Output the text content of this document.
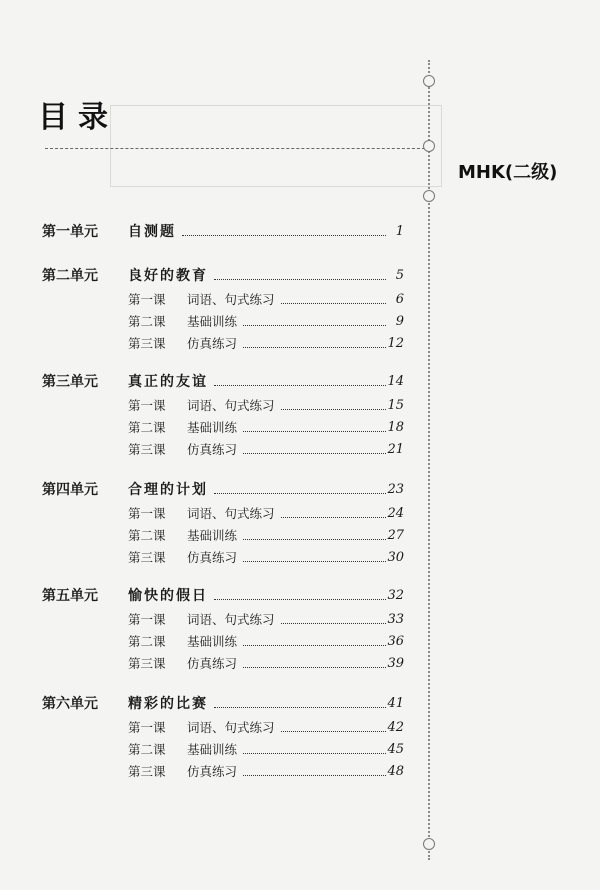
目录
MHK(二级)
第一单元 自测题	1
第二单元 良好的教育	5
第一课 词语、句式练习	6
第二课 基础训练	9
第三课 仿真练习	12
第三单元 真正的友谊	14
第一课 词语、句式练习	15
第二课 基础训练	18
第三课 仿真练习	21
第四单元 合理的计划	23
第一课 词语、句式练习	24
第二课 基础训练	27
第三课 仿真练习	30
第五单元 愉快的假日	32
第一课 词语、句式练习	33
第二课 基础训练	36
第三课 仿真练习	39
第六单元 精彩的比赛	41
第一课 词语、句式练习	42
第二课 基础训练	45
第三课 仿真练习	48
